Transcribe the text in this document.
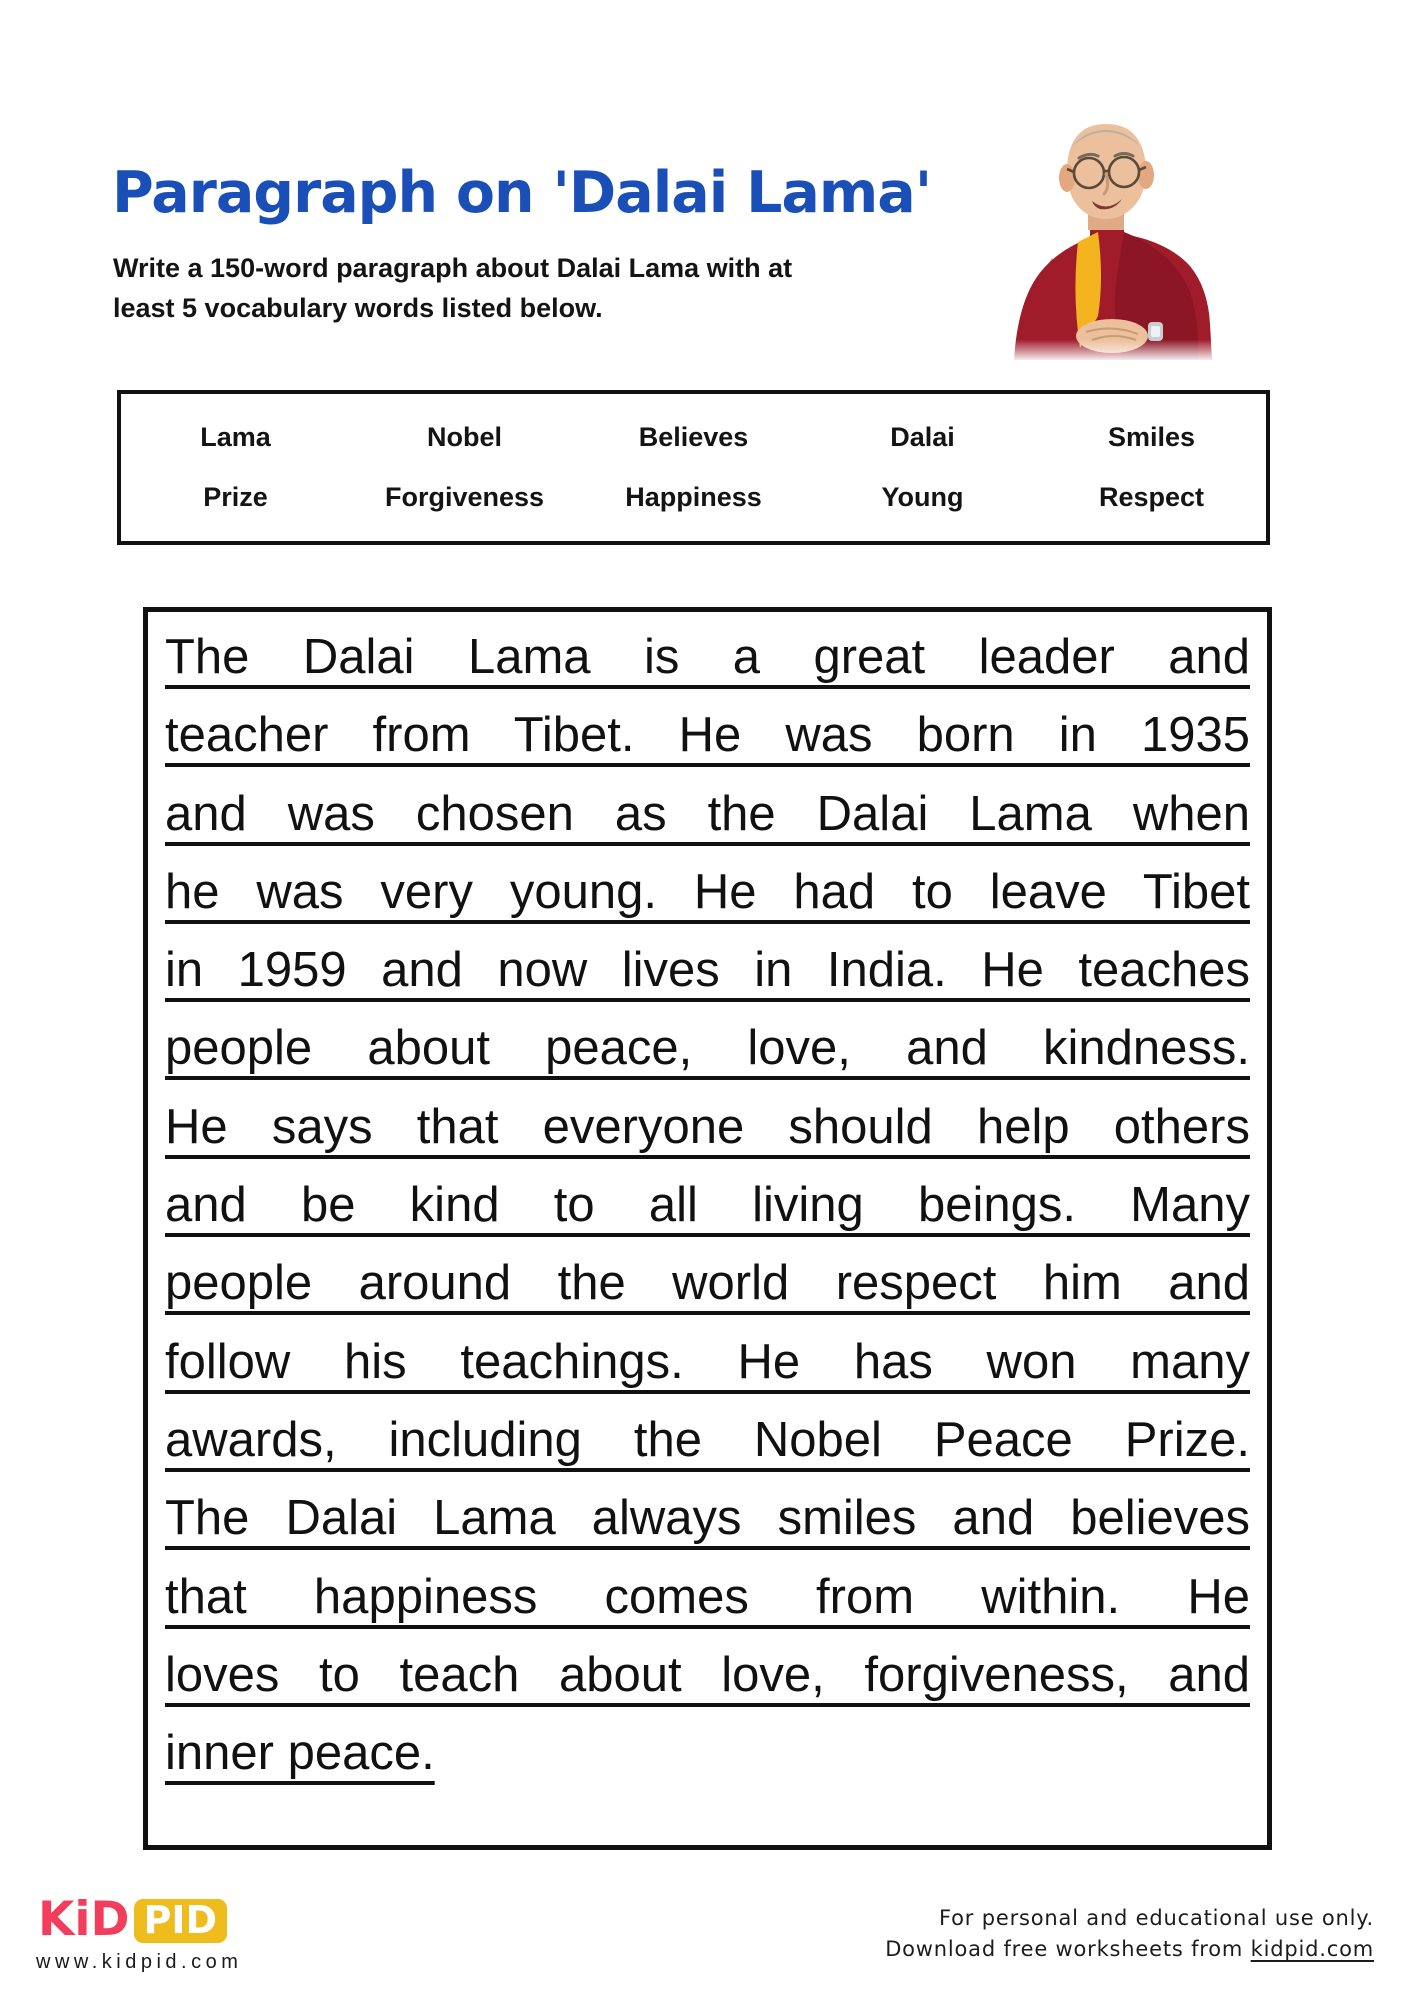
Paragraph on 'Dalai Lama'

Write a 150-word paragraph about Dalai Lama with at
least 5 vocabulary words listed below.

Lama	Nobel	Believes	Dalai	Smiles
Prize	Forgiveness	Happiness	Young	Respect
The Dalai Lama is a great leader and
teacher from Tibet. He was born in 1935
and was chosen as the Dalai Lama when
he was very young. He had to leave Tibet
in 1959 and now lives in India. He teaches
people about peace, love, and kindness.
He says that everyone should help others
and be kind to all living beings. Many
people around the world respect him and
follow his teachings. He has won many
awards, including the Nobel Peace Prize.
The Dalai Lama always smiles and believes
that happiness comes from within. He
loves to teach about love, forgiveness, and
inner peace.
KiD PID
www.kidpid.com
For personal and educational use only.
Download free worksheets from kidpid.com
